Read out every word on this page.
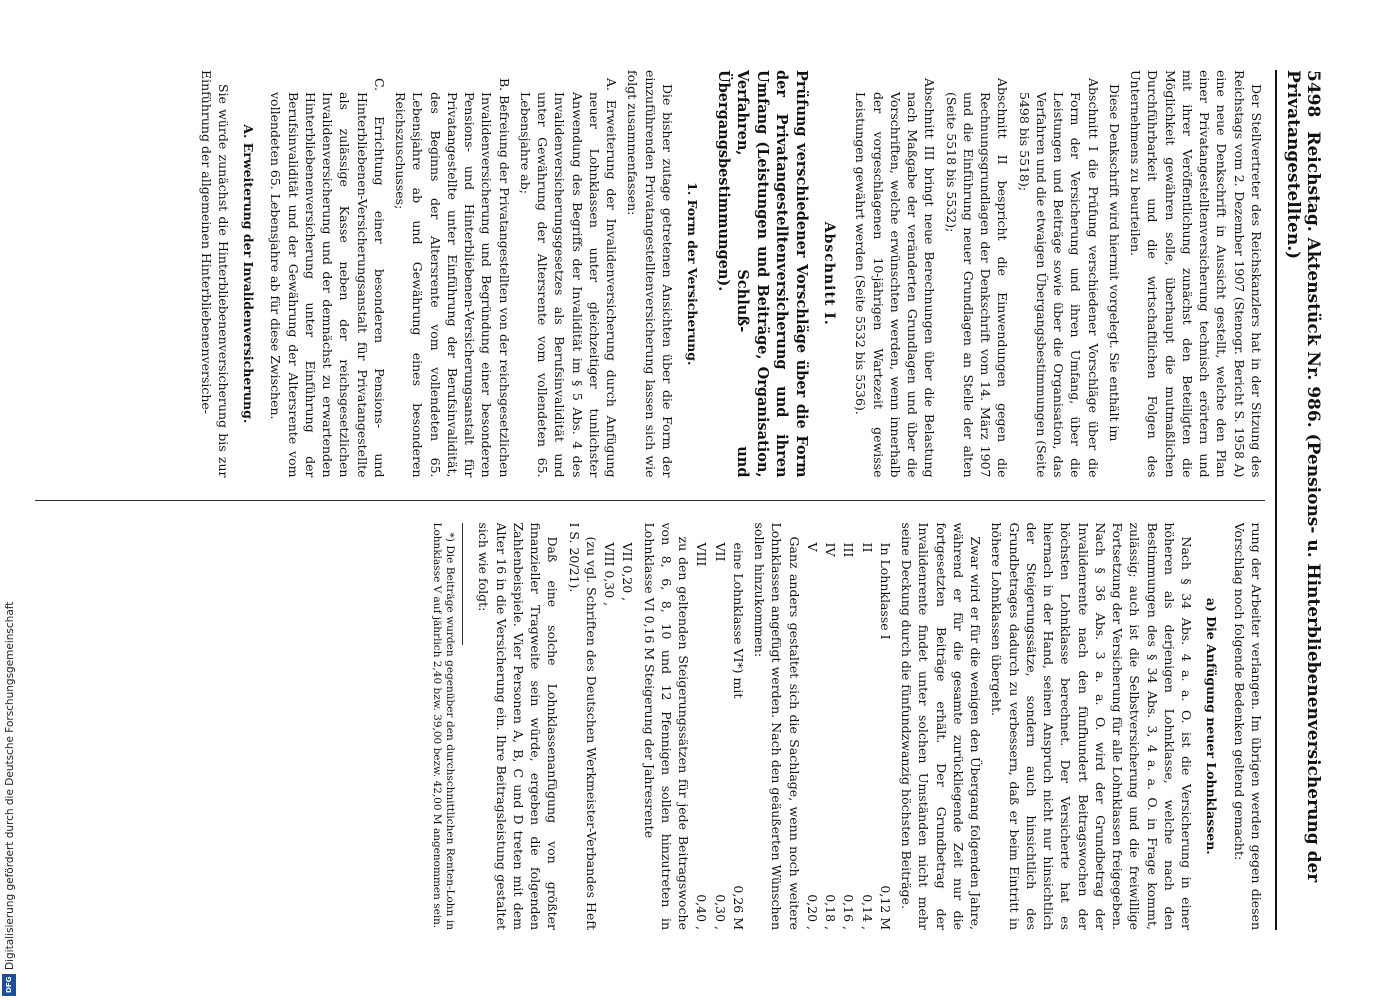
5498Reichstag. Aktenstück Nr. 986. (Pensions- u. Hinterbliebenenversicherung der Privatangestellten.)

Der Stellvertreter des Reichskanzlers hat in der Sitzung des Reichstags vom 2. Dezember 1907 (Stenogr. Bericht S. 1958 A) eine neue Denkschrift in Aussicht gestellt, welche den Plan einer Privatangestelltenversicherung technisch erörtern und mit ihrer Veröffentlichung zunächst den Beteiligten die Möglichkeit gewähren solle, überhaupt die mutmaßlichen Durchführbarkeit und die wirtschaftlichen Folgen des Unternehmens zu beurteilen.

Diese Denkschrift wird hiermit vorgelegt. Sie enthält im

Abschnitt I die Prüfung verschiedener Vorschläge über die Form der Versicherung und ihren Umfang, über die Leistungen und Beiträge sowie über die Organisation, das Verfahren und die etwaigen Übergangsbestimmungen (Seite 5498 bis 5518);

Abschnitt II bespricht die Einwendungen gegen die Rechnungsgrundlagen der Denkschrift vom 14. März 1907 und die Einführung neuer Grundlagen an Stelle der alten (Seite 5518 bis 5532);

Abschnitt III bringt neue Berechnungen über die Belastung nach Maßgabe der veränderten Grundlagen und über die Vorschriften, welche erwünschten werden, wenn innerhalb der vorgeschlagenen 10-jährigen Wartezeit gewisse Leistungen gewährt werden (Seite 5532 bis 5536).

Abschnitt I.

Prüfung verschiedener Vorschläge über die Form der Privatangestelltenversicherung und ihren Umfang (Leistungen und Beiträge, Organisation, Verfahren, Schluß- und Übergangsbestimmungen).

1. Form der Versicherung.

Die bisher zutage getretenen Ansichten über die Form der einzuführenden Privatangestelltenversicherung lassen sich wie folgt zusammenfassen:

A. Erweiterung der Invalidenversicherung durch Anfügung neuer Lohnklassen unter gleichzeitiger tunlichster Anwendung des Begriffs der Invalidität im § 5 Abs. 4 des Invalidenversicherungsgesetzes als Berufsinvalidität und unter Gewährung der Altersrente vom vollendeten 65. Lebensjahre ab;

B. Befreiung der Privatangestellten von der reichsgesetzlichen Invalidenversicherung und Begründung einer besonderen Pensions- und Hinterbliebenen-Versicherungsanstalt für Privatangestellte unter Einführung der Berufsinvalidität, des Beginns der Altersrente vom vollendeten 65. Lebensjahre ab und Gewährung eines besonderen Reichszuschusses;

C. Errichtung einer besonderen Pensions- und Hinterbliebenen-Versicherungsanstalt für Privatangestellte als zulässige Kasse neben der reichsgesetzlichen Invalidenversicherung und der demnächst zu erwartenden Hinterbliebenenversicherung unter Einführung der Berufsinvalidität und der Gewährung der Altersrente vom vollendeten 65. Lebensjahre ab für diese Zwischen.

A. Erweiterung der Invalidenversicherung.

Sie würde zunächst die Hinterbliebenenversicherung bis zur Einführung der allgemeinen Hinterbliebenenversiche-

rung der Arbeiter verlangen. Im übrigen werden gegen diesen Vorschlag noch folgende Bedenken geltend gemacht:

a) Die Anfügung neuer Lohnklassen.

Nach § 34 Abs. 4 a. a. O. ist die Versicherung in einer höheren als derjenigen Lohnklasse, welche nach den Bestimmungen des § 34 Abs. 3, 4 a. a. O. in Frage kommt, zulässig; auch ist die Selbstversicherung und die freiwillige Fortsetzung der Versicherung für alle Lohnklassen freigegeben. Nach § 36 Abs. 3 a. a. O. wird der Grundbetrag der Invalidenrente nach den fünfhundert Beitragswochen der höchsten Lohnklasse berechnet. Der Versicherte hat es hiernach in der Hand, seinen Anspruch nicht nur hinsichtlich der Steigerungssätze, sondern auch hinsichtlich des Grundbetrages dadurch zu verbessern, daß er beim Eintritt in höhere Lohnklassen übergeht.

Zwar wird er für die wenigen den Übergang folgenden Jahre, während er für die gesamte zurückliegende Zeit nur die fortgesetzten Beiträge erhält. Der Grundbetrag der Invalidenrente findet unter solchen Umständen nicht mehr seine Deckung durch die fünfundzwanzig höchsten Beiträge.

In Lohnklasse I
0,12 M
II
0,14 ,
III
0,16 ,
IV
0,18 ,
V
0,20 ,

Ganz anders gestaltet sich die Sachlage, wenn noch weitere Lohnklassen angefügt werden. Nach den geäußerten Wünschen sollen hinzukommen:

eine Lohnklasse VI*) mit
0,26 M
VII
0,30 ,
VIII
0,40 ,

zu den geltenden Steigerungssätzen für jede Beitragswoche von 8, 6, 8, 10 und 12 Pfennigen sollen hinzutreten in Lohnklasse VI 0,16 M Steigerung der Jahresrente

VII 0,20 ,
VIII 0,30 ,

(zu vgl. Schriften des Deutschen Werkmeister-Verbandes Heft I S. 20/21).

Daß eine solche Lohnklassenanfügung von größter finanzieller Tragweite sein würde, ergeben die folgenden Zahlenbeispiele. Vier Personen A, B, C und D treten mit dem Alter 16 in die Versicherung ein. Ihre Beitragsleistung gestaltet sich wie folgt:

*) Die Beiträge wurden gegenüber den durchschnittlichen Renten-Lohn in Lohnklasse V auf jährlich 2,40 bzw. 39,00 bezw. 42,00 M angenommen sein.

Digitalisierung gefördert durch die Deutsche Forschungsgemeinschaft
DFG
